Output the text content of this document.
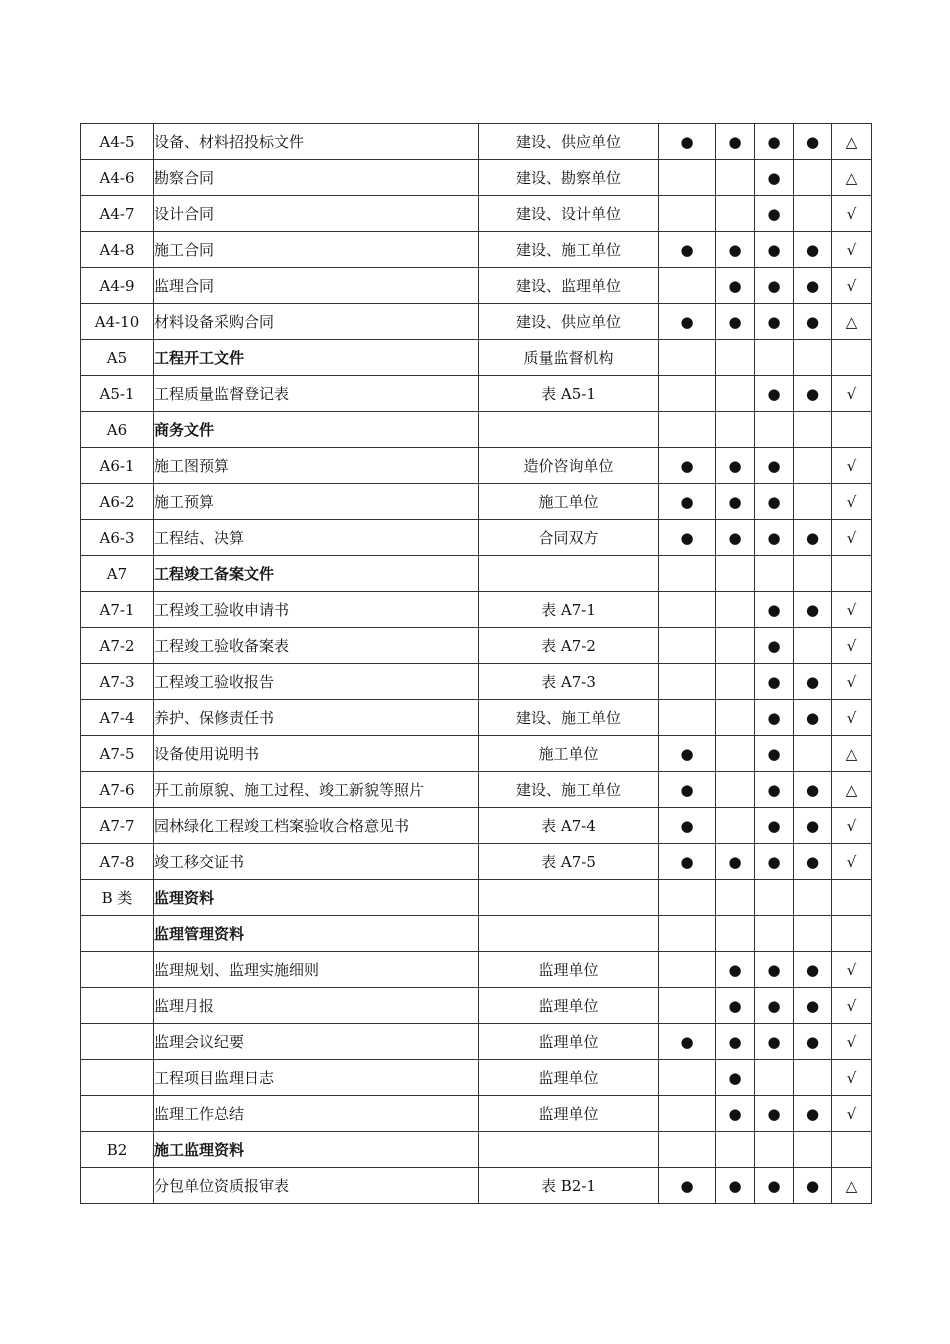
A4-5	设备、材料招投标文件	建设、供应单位	●	●	●	●	△
A4-6	勘察合同	建设、勘察单位			●		△
A4-7	设计合同	建设、设计单位			●		√
A4-8	施工合同	建设、施工单位	●	●	●	●	√
A4-9	监理合同	建设、监理单位		●	●	●	√
A4-10	材料设备采购合同	建设、供应单位	●	●	●	●	△
A5	工程开工文件	质量监督机构					
A5-1	工程质量监督登记表	表 A5-1			●	●	√
A6	商务文件						
A6-1	施工图预算	造价咨询单位	●	●	●		√
A6-2	施工预算	施工单位	●	●	●		√
A6-3	工程结、决算	合同双方	●	●	●	●	√
A7	工程竣工备案文件						
A7-1	工程竣工验收申请书	表 A7-1			●	●	√
A7-2	工程竣工验收备案表	表 A7-2			●		√
A7-3	工程竣工验收报告	表 A7-3			●	●	√
A7-4	养护、保修责任书	建设、施工单位			●	●	√
A7-5	设备使用说明书	施工单位	●		●		△
A7-6	开工前原貌、施工过程、竣工新貌等照片	建设、施工单位	●		●	●	△
A7-7	园林绿化工程竣工档案验收合格意见书	表 A7-4	●		●	●	√
A7-8	竣工移交证书	表 A7-5	●	●	●	●	√
B 类	监理资料						
	监理管理资料						
	监理规划、监理实施细则	监理单位		●	●	●	√
	监理月报	监理单位		●	●	●	√
	监理会议纪要	监理单位	●	●	●	●	√
	工程项目监理日志	监理单位		●			√
	监理工作总结	监理单位		●	●	●	√
B2	施工监理资料						
	分包单位资质报审表	表 B2-1	●	●	●	●	△
